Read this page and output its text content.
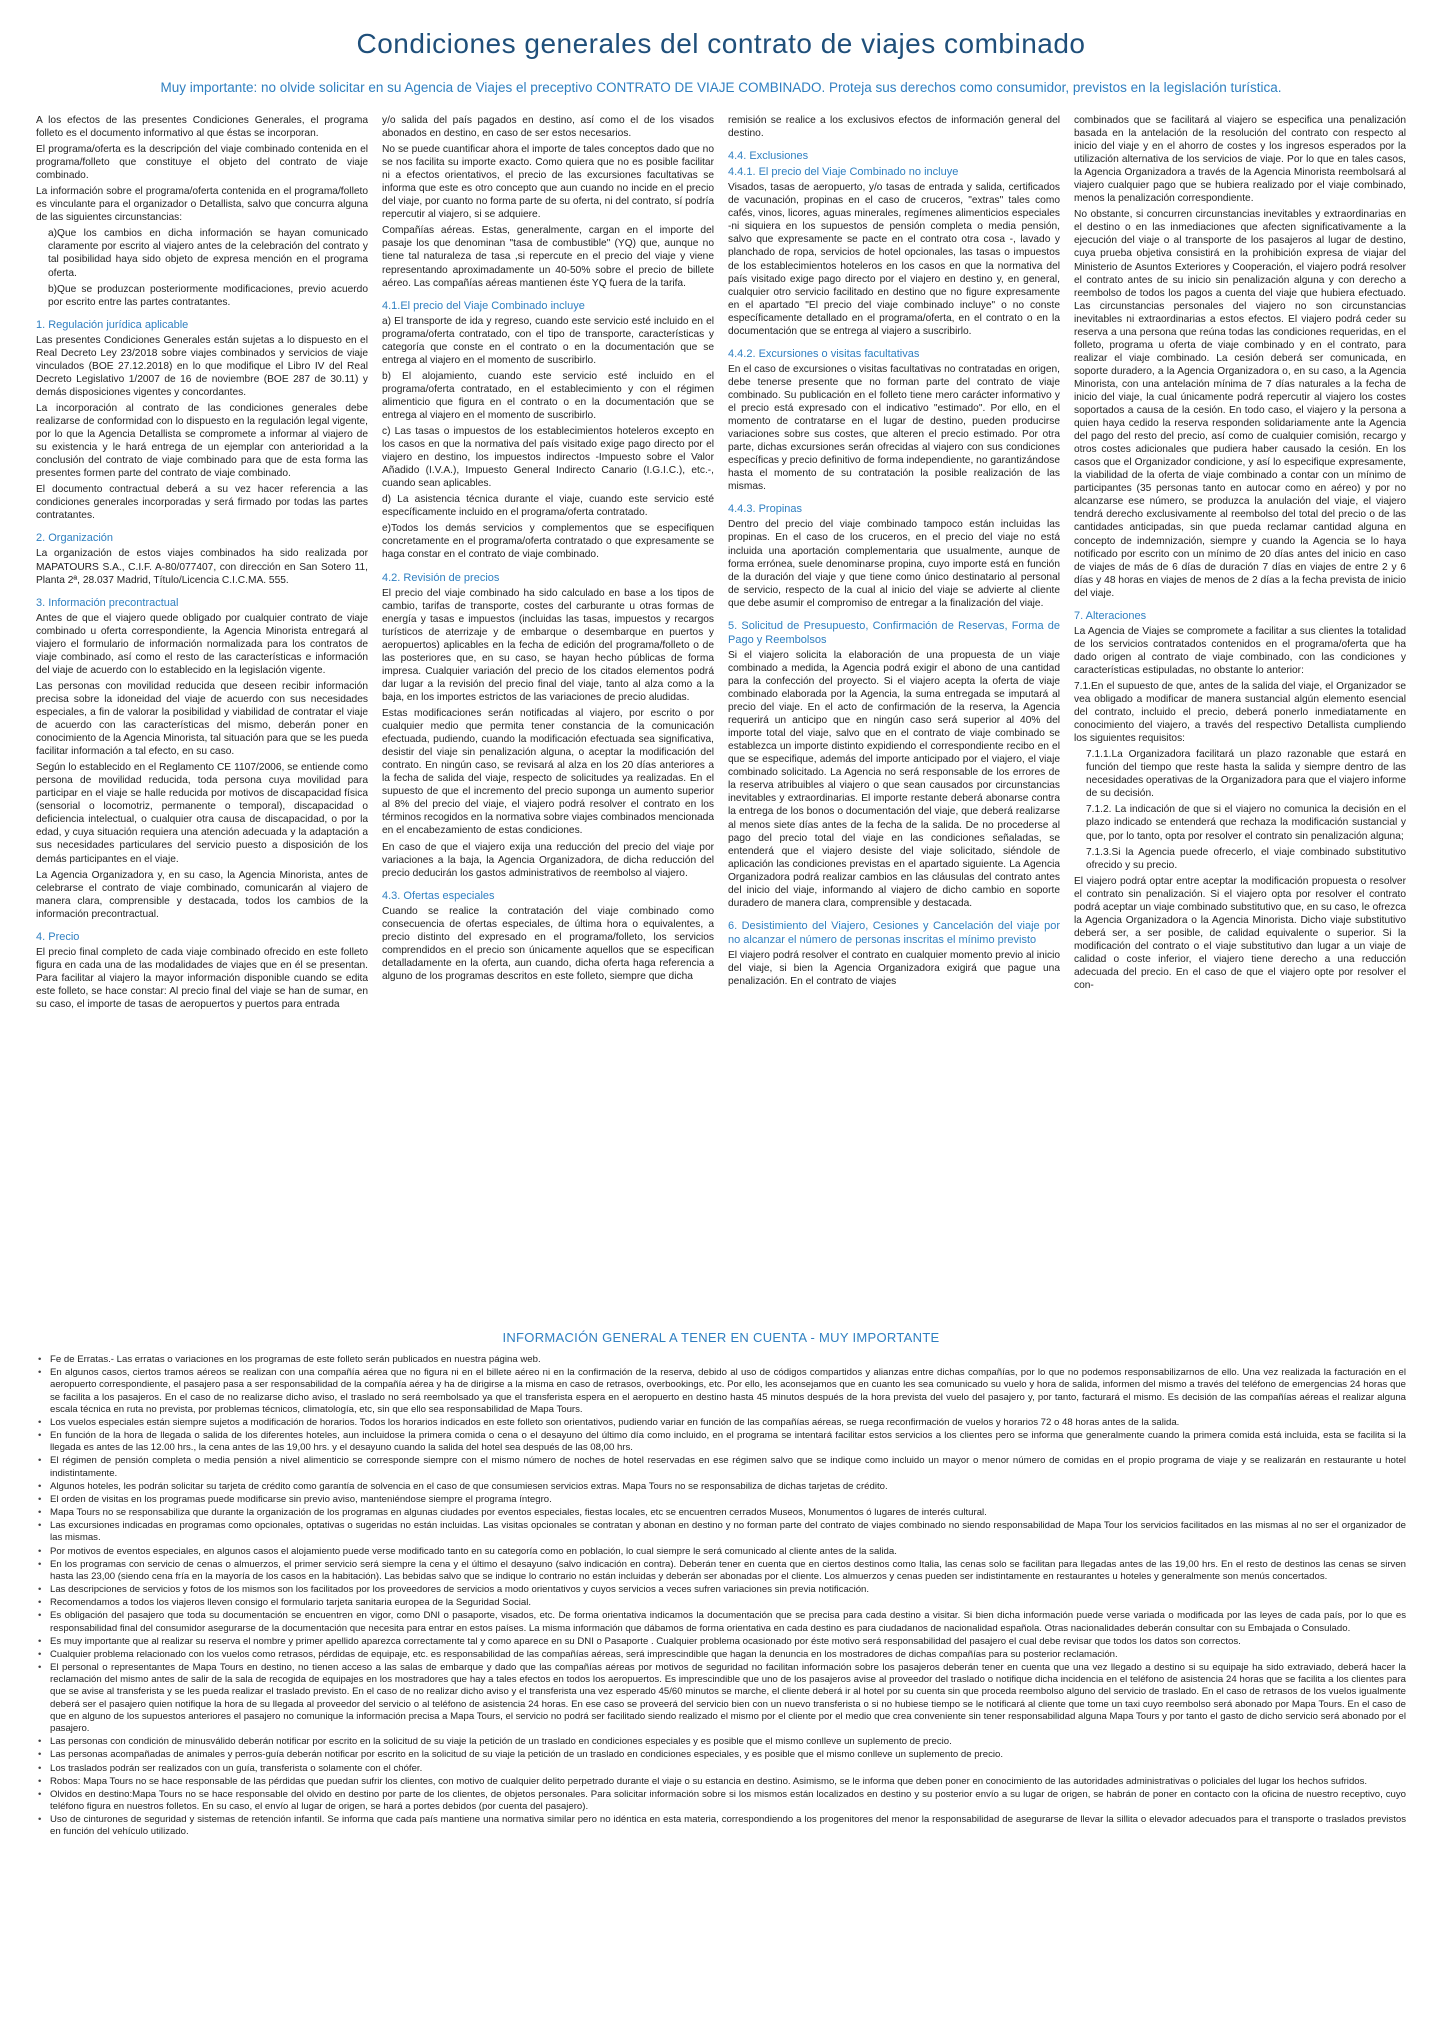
Condiciones generales del contrato de viajes combinado
Muy importante: no olvide solicitar en su Agencia de Viajes el preceptivo CONTRATO DE VIAJE COMBINADO. Proteja sus derechos como consumidor, previstos en la legislación turística.

A los efectos de las presentes Condiciones Generales, el programa folleto es el documento informativo al que éstas se incorporan.

El programa/oferta es la descripción del viaje combinado contenida en el programa/folleto que constituye el objeto del contrato de viaje combinado.

La información sobre el programa/oferta contenida en el programa/folleto es vinculante para el organizador o Detallista, salvo que concurra alguna de las siguientes circunstancias:

a)Que los cambios en dicha información se hayan comunicado claramente por escrito al viajero antes de la celebración del contrato y tal posibilidad haya sido objeto de expresa mención en el programa oferta.

b)Que se produzcan posteriormente modificaciones, previo acuerdo por escrito entre las partes contratantes.

1. Regulación jurídica aplicable

Las presentes Condiciones Generales están sujetas a lo dispuesto en el Real Decreto Ley 23/2018 sobre viajes combinados y servicios de viaje vinculados (BOE 27.12.2018) en lo que modifique el Libro IV del Real Decreto Legislativo 1/2007 de 16 de noviembre (BOE 287 de 30.11) y demás disposiciones vigentes y concordantes.

La incorporación al contrato de las condiciones generales debe realizarse de conformidad con lo dispuesto en la regulación legal vigente, por lo que la Agencia Detallista se compromete a informar al viajero de su existencia y le hará entrega de un ejemplar con anterioridad a la conclusión del contrato de viaje combinado para que de esta forma las presentes formen parte del contrato de viaje combinado.

El documento contractual deberá a su vez hacer referencia a las condiciones generales incorporadas y será firmado por todas las partes contratantes.

2. Organización

La organización de estos viajes combinados ha sido realizada por MAPATOURS S.A., C.I.F. A-80/077407, con dirección en San Sotero 11, Planta 2ª, 28.037 Madrid, Título/Licencia C.I.C.MA. 555.

3. Información precontractual

Antes de que el viajero quede obligado por cualquier contrato de viaje combinado u oferta correspondiente, la Agencia Minorista entregará al viajero el formulario de información normalizada para los contratos de viaje combinado, así como el resto de las características e información del viaje de acuerdo con lo establecido en la legislación vigente.

Las personas con movilidad reducida que deseen recibir información precisa sobre la idoneidad del viaje de acuerdo con sus necesidades especiales, a fin de valorar la posibilidad y viabilidad de contratar el viaje de acuerdo con las características del mismo, deberán poner en conocimiento de la Agencia Minorista, tal situación para que se les pueda facilitar información a tal efecto, en su caso.

Según lo establecido en el Reglamento CE 1107/2006, se entiende como persona de movilidad reducida, toda persona cuya movilidad para participar en el viaje se halle reducida por motivos de discapacidad física (sensorial o locomotriz, permanente o temporal), discapacidad o deficiencia intelectual, o cualquier otra causa de discapacidad, o por la edad, y cuya situación requiera una atención adecuada y la adaptación a sus necesidades particulares del servicio puesto a disposición de los demás participantes en el viaje.

La Agencia Organizadora y, en su caso, la Agencia Minorista, antes de celebrarse el contrato de viaje combinado, comunicarán al viajero de manera clara, comprensible y destacada, todos los cambios de la información precontractual.

4. Precio

El precio final completo de cada viaje combinado ofrecido en este folleto figura en cada una de las modalidades de viajes que en él se presentan. Para facilitar al viajero la mayor información disponible cuando se edita este folleto, se hace constar: Al precio final del viaje se han de sumar, en su caso, el importe de tasas de aeropuertos y puertos para entrada

y/o salida del país pagados en destino, así como el de los visados abonados en destino, en caso de ser estos necesarios.

No se puede cuantificar ahora el importe de tales conceptos dado que no se nos facilita su importe exacto. Como quiera que no es posible facilitar ni a efectos orientativos, el precio de las excursiones facultativas se informa que este es otro concepto que aun cuando no incide en el precio del viaje, por cuanto no forma parte de su oferta, ni del contrato, sí podría repercutir al viajero, si se adquiere.

Compañías aéreas. Estas, generalmente, cargan en el importe del pasaje los que denominan "tasa de combustible" (YQ) que, aunque no tiene tal naturaleza de tasa ,si repercute en el precio del viaje y viene representando aproximadamente un 40-50% sobre el precio de billete aéreo. Las compañías aéreas mantienen éste YQ fuera de la tarifa.

4.1.El precio del Viaje Combinado incluye

a) El transporte de ida y regreso, cuando este servicio esté incluido en el programa/oferta contratado, con el tipo de transporte, características y categoría que conste en el contrato o en la documentación que se entrega al viajero en el momento de suscribirlo.

b) El alojamiento, cuando este servicio esté incluido en el programa/oferta contratado, en el establecimiento y con el régimen alimenticio que figura en el contrato o en la documentación que se entrega al viajero en el momento de suscribirlo.

c) Las tasas o impuestos de los establecimientos hoteleros excepto en los casos en que la normativa del país visitado exige pago directo por el viajero en destino, los impuestos indirectos -Impuesto sobre el Valor Añadido (I.V.A.), Impuesto General Indirecto Canario (I.G.I.C.), etc.-, cuando sean aplicables.

d) La asistencia técnica durante el viaje, cuando este servicio esté específicamente incluido en el programa/oferta contratado.

e)Todos los demás servicios y complementos que se especifiquen concretamente en el programa/oferta contratado o que expresamente se haga constar en el contrato de viaje combinado.

4.2. Revisión de precios

El precio del viaje combinado ha sido calculado en base a los tipos de cambio, tarifas de transporte, costes del carburante u otras formas de energía y tasas e impuestos (incluidas las tasas, impuestos y recargos turísticos de aterrizaje y de embarque o desembarque en puertos y aeropuertos) aplicables en la fecha de edición del programa/folleto o de las posteriores que, en su caso, se hayan hecho públicas de forma impresa. Cualquier variación del precio de los citados elementos podrá dar lugar a la revisión del precio final del viaje, tanto al alza como a la baja, en los importes estrictos de las variaciones de precio aludidas.

Estas modificaciones serán notificadas al viajero, por escrito o por cualquier medio que permita tener constancia de la comunicación efectuada, pudiendo, cuando la modificación efectuada sea significativa, desistir del viaje sin penalización alguna, o aceptar la modificación del contrato. En ningún caso, se revisará al alza en los 20 días anteriores a la fecha de salida del viaje, respecto de solicitudes ya realizadas. En el supuesto de que el incremento del precio suponga un aumento superior al 8% del precio del viaje, el viajero podrá resolver el contrato en los términos recogidos en la normativa sobre viajes combinados mencionada en el encabezamiento de estas condiciones.

En caso de que el viajero exija una reducción del precio del viaje por variaciones a la baja, la Agencia Organizadora, de dicha reducción del precio deducirán los gastos administrativos de reembolso al viajero.

4.3. Ofertas especiales

Cuando se realice la contratación del viaje combinado como consecuencia de ofertas especiales, de última hora o equivalentes, a precio distinto del expresado en el programa/folleto, los servicios comprendidos en el precio son únicamente aquellos que se especifican detalladamente en la oferta, aun cuando, dicha oferta haga referencia a alguno de los programas descritos en este folleto, siempre que dicha

remisión se realice a los exclusivos efectos de información general del destino.

4.4. Exclusiones
4.4.1. El precio del Viaje Combinado no incluye

Visados, tasas de aeropuerto, y/o tasas de entrada y salida, certificados de vacunación, propinas en el caso de cruceros, "extras" tales como cafés, vinos, licores, aguas minerales, regímenes alimenticios especiales -ni siquiera en los supuestos de pensión completa o media pensión, salvo que expresamente se pacte en el contrato otra cosa -, lavado y planchado de ropa, servicios de hotel opcionales, las tasas o impuestos de los establecimientos hoteleros en los casos en que la normativa del país visitado exige pago directo por el viajero en destino y, en general, cualquier otro servicio facilitado en destino que no figure expresamente en el apartado "El precio del viaje combinado incluye" o no conste específicamente detallado en el programa/oferta, en el contrato o en la documentación que se entrega al viajero a suscribirlo.

4.4.2. Excursiones o visitas facultativas

En el caso de excursiones o visitas facultativas no contratadas en origen, debe tenerse presente que no forman parte del contrato de viaje combinado. Su publicación en el folleto tiene mero carácter informativo y el precio está expresado con el indicativo "estimado". Por ello, en el momento de contratarse en el lugar de destino, pueden producirse variaciones sobre sus costes, que alteren el precio estimado. Por otra parte, dichas excursiones serán ofrecidas al viajero con sus condiciones específicas y precio definitivo de forma independiente, no garantizándose hasta el momento de su contratación la posible realización de las mismas.

4.4.3. Propinas

Dentro del precio del viaje combinado tampoco están incluidas las propinas. En el caso de los cruceros, en el precio del viaje no está incluida una aportación complementaria que usualmente, aunque de forma errónea, suele denominarse propina, cuyo importe está en función de la duración del viaje y que tiene como único destinatario al personal de servicio, respecto de la cual al inicio del viaje se advierte al cliente que debe asumir el compromiso de entregar a la finalización del viaje.

5. Solicitud de Presupuesto, Confirmación de Reservas, Forma de Pago y Reembolsos

Si el viajero solicita la elaboración de una propuesta de un viaje combinado a medida, la Agencia podrá exigir el abono de una cantidad para la confección del proyecto. Si el viajero acepta la oferta de viaje combinado elaborada por la Agencia, la suma entregada se imputará al precio del viaje. En el acto de confirmación de la reserva, la Agencia requerirá un anticipo que en ningún caso será superior al 40% del importe total del viaje, salvo que en el contrato de viaje combinado se establezca un importe distinto expidiendo el correspondiente recibo en el que se especifique, además del importe anticipado por el viajero, el viaje combinado solicitado. La Agencia no será responsable de los errores de la reserva atribuibles al viajero o que sean causados por circunstancias inevitables y extraordinarias. El importe restante deberá abonarse contra la entrega de los bonos o documentación del viaje, que deberá realizarse al menos siete días antes de la fecha de la salida. De no procederse al pago del precio total del viaje en las condiciones señaladas, se entenderá que el viajero desiste del viaje solicitado, siéndole de aplicación las condiciones previstas en el apartado siguiente. La Agencia Organizadora podrá realizar cambios en las cláusulas del contrato antes del inicio del viaje, informando al viajero de dicho cambio en soporte duradero de manera clara, comprensible y destacada.

6. Desistimiento del Viajero, Cesiones y Cancelación del viaje por no alcanzar el número de personas inscritas el mínimo previsto

El viajero podrá resolver el contrato en cualquier momento previo al inicio del viaje, si bien la Agencia Organizadora exigirá que pague una penalización. En el contrato de viajes

combinados que se facilitará al viajero se especifica una penalización basada en la antelación de la resolución del contrato con respecto al inicio del viaje y en el ahorro de costes y los ingresos esperados por la utilización alternativa de los servicios de viaje. Por lo que en tales casos, la Agencia Organizadora a través de la Agencia Minorista reembolsará al viajero cualquier pago que se hubiera realizado por el viaje combinado, menos la penalización correspondiente.

No obstante, si concurren circunstancias inevitables y extraordinarias en el destino o en las inmediaciones que afecten significativamente a la ejecución del viaje o al transporte de los pasajeros al lugar de destino, cuya prueba objetiva consistirá en la prohibición expresa de viajar del Ministerio de Asuntos Exteriores y Cooperación, el viajero podrá resolver el contrato antes de su inicio sin penalización alguna y con derecho a reembolso de todos los pagos a cuenta del viaje que hubiera efectuado. Las circunstancias personales del viajero no son circunstancias inevitables ni extraordinarias a estos efectos. El viajero podrá ceder su reserva a una persona que reúna todas las condiciones requeridas, en el folleto, programa u oferta de viaje combinado y en el contrato, para realizar el viaje combinado. La cesión deberá ser comunicada, en soporte duradero, a la Agencia Organizadora o, en su caso, a la Agencia Minorista, con una antelación mínima de 7 días naturales a la fecha de inicio del viaje, la cual únicamente podrá repercutir al viajero los costes soportados a causa de la cesión. En todo caso, el viajero y la persona a quien haya cedido la reserva responden solidariamente ante la Agencia del pago del resto del precio, así como de cualquier comisión, recargo y otros costes adicionales que pudiera haber causado la cesión. En los casos que el Organizador condicione, y así lo especifique expresamente, la viabilidad de la oferta de viaje combinado a contar con un mínimo de participantes (35 personas tanto en autocar como en aéreo) y por no alcanzarse ese número, se produzca la anulación del viaje, el viajero tendrá derecho exclusivamente al reembolso del total del precio o de las cantidades anticipadas, sin que pueda reclamar cantidad alguna en concepto de indemnización, siempre y cuando la Agencia se lo haya notificado por escrito con un mínimo de 20 días antes del inicio en caso de viajes de más de 6 días de duración 7 días en viajes de entre 2 y 6 días y 48 horas en viajes de menos de 2 días a la fecha prevista de inicio del viaje.

7. Alteraciones

La Agencia de Viajes se compromete a facilitar a sus clientes la totalidad de los servicios contratados contenidos en el programa/oferta que ha dado origen al contrato de viaje combinado, con las condiciones y características estipuladas, no obstante lo anterior:

7.1.En el supuesto de que, antes de la salida del viaje, el Organizador se vea obligado a modificar de manera sustancial algún elemento esencial del contrato, incluido el precio, deberá ponerlo inmediatamente en conocimiento del viajero, a través del respectivo Detallista cumpliendo los siguientes requisitos:

7.1.1.La Organizadora facilitará un plazo razonable que estará en función del tiempo que reste hasta la salida y siempre dentro de las necesidades operativas de la Organizadora para que el viajero informe de su decisión.

7.1.2. La indicación de que si el viajero no comunica la decisión en el plazo indicado se entenderá que rechaza la modificación sustancial y que, por lo tanto, opta por resolver el contrato sin penalización alguna;

7.1.3.Si la Agencia puede ofrecerlo, el viaje combinado substitutivo ofrecido y su precio.

El viajero podrá optar entre aceptar la modificación propuesta o resolver el contrato sin penalización. Si el viajero opta por resolver el contrato podrá aceptar un viaje combinado substitutivo que, en su caso, le ofrezca la Agencia Organizadora o la Agencia Minorista. Dicho viaje substitutivo deberá ser, a ser posible, de calidad equivalente o superior. Si la modificación del contrato o el viaje substitutivo dan lugar a un viaje de calidad o coste inferior, el viajero tiene derecho a una reducción adecuada del precio. En el caso de que el viajero opte por resolver el con-

INFORMACIÓN GENERAL A TENER EN CUENTA - MUY IMPORTANTE
• Fe de Erratas.- Las erratas o variaciones en los programas de este folleto serán publicados en nuestra página web.
• En algunos casos, ciertos tramos aéreos se realizan con una compañía aérea que no figura ni en el billete aéreo ni en la confirmación de la reserva, debido al uso de códigos compartidos y alianzas entre dichas compañías, por lo que no podemos responsabilizarnos de ello. Una vez realizada la facturación en el aeropuerto correspondiente, el pasajero pasa a ser responsabilidad de la compañía aérea y ha de dirigirse a la misma en caso de retrasos, overbookings, etc. Por ello, les aconsejamos que en cuanto les sea comunicado su vuelo y hora de salida, informen del mismo a través del teléfono de emergencias 24 horas que se facilita a los pasajeros. En el caso de no realizarse dicho aviso, el traslado no será reembolsado ya que el transferista espera en el aeropuerto en destino hasta 45 minutos después de la hora prevista del vuelo del pasajero y, por tanto, facturará el mismo. Es decisión de las compañías aéreas el realizar alguna escala técnica en ruta no prevista, por problemas técnicos, climatología, etc, sin que ello sea responsabilidad de Mapa Tours.
• Los vuelos especiales están siempre sujetos a modificación de horarios. Todos los horarios indicados en este folleto son orientativos, pudiendo variar en función de las compañías aéreas, se ruega reconfirmación de vuelos y horarios 72 o 48 horas antes de la salida.
• En función de la hora de llegada o salida de los diferentes hoteles, aun incluidose la primera comida o cena o el desayuno del último día como incluido, en el programa se intentará facilitar estos servicios a los clientes pero se informa que generalmente cuando la primera comida está incluida, esta se facilita si la llegada es antes de las 12.00 hrs., la cena antes de las 19,00 hrs. y el desayuno cuando la salida del hotel sea después de las 08,00 hrs.
• El régimen de pensión completa o media pensión a nivel alimenticio se corresponde siempre con el mismo número de noches de hotel reservadas en ese régimen salvo que se indique como incluido un mayor o menor número de comidas en el propio programa de viaje y se realizarán en restaurante u hotel indistintamente.
• Algunos hoteles, les podrán solicitar su tarjeta de crédito como garantía de solvencia en el caso de que consumiesen servicios extras. Mapa Tours no se responsabiliza de dichas tarjetas de crédito.
• El orden de visitas en los programas puede modificarse sin previo aviso, manteniéndose siempre el programa íntegro.
• Mapa Tours no se responsabiliza que durante la organización de los programas en algunas ciudades por eventos especiales, fiestas locales, etc se encuentren cerrados Museos, Monumentos ó lugares de interés cultural.
• Las excursiones indicadas en programas como opcionales, optativas o sugeridas no están incluidas. Las visitas opcionales se contratan y abonan en destino y no forman parte del contrato de viajes combinado no siendo responsabilidad de Mapa Tour los servicios facilitados en las mismas al no ser el organizador de las mismas.
• Por motivos de eventos especiales, en algunos casos el alojamiento puede verse modificado tanto en su categoría como en población, lo cual siempre le será comunicado al cliente antes de la salida.
• En los programas con servicio de cenas o almuerzos, el primer servicio será siempre la cena y el último el desayuno (salvo indicación en contra). Deberán tener en cuenta que en ciertos destinos como Italia, las cenas solo se facilitan para llegadas antes de las 19,00 hrs. En el resto de destinos las cenas se sirven hasta las 23,00 (siendo cena fría en la mayoría de los casos en la habitación). Las bebidas salvo que se indique lo contrario no están incluidas y deberán ser abonadas por el cliente. Los almuerzos y cenas pueden ser indistintamente en restaurantes u hoteles y generalmente son menús concertados.
• Las descripciones de servicios y fotos de los mismos son los facilitados por los proveedores de servicios a modo orientativos y cuyos servicios a veces sufren variaciones sin previa notificación.
• Recomendamos a todos los viajeros lleven consigo el formulario tarjeta sanitaria europea de la Seguridad Social.
• Es obligación del pasajero que toda su documentación se encuentren en vigor, como DNI o pasaporte, visados, etc. De forma orientativa indicamos la documentación que se precisa para cada destino a visitar. Si bien dicha información puede verse variada o modificada por las leyes de cada país, por lo que es responsabilidad final del consumidor asegurarse de la documentación que necesita para entrar en estos países. La misma información que dábamos de forma orientativa en cada destino es para ciudadanos de nacionalidad española. Otras nacionalidades deberán consultar con su Embajada o Consulado.
• Es muy importante que al realizar su reserva el nombre y primer apellido aparezca correctamente tal y como aparece en su DNI o Pasaporte . Cualquier problema ocasionado por éste motivo será responsabilidad del pasajero el cual debe revisar que todos los datos son correctos.
• Cualquier problema relacionado con los vuelos como retrasos, pérdidas de equipaje, etc. es responsabilidad de las compañías aéreas, será imprescindible que hagan la denuncia en los mostradores de dichas compañías para su posterior reclamación.
• El personal o representantes de Mapa Tours en destino, no tienen acceso a las salas de embarque y dado que las compañías aéreas por motivos de seguridad no facilitan información sobre los pasajeros deberán tener en cuenta que una vez llegado a destino si su equipaje ha sido extraviado, deberá hacer la reclamación del mismo antes de salir de la sala de recogida de equipajes en los mostradores que hay a tales efectos en todos los aeropuertos. Es imprescindible que uno de los pasajeros avise al proveedor del traslado o notifique dicha incidencia en el teléfono de asistencia 24 horas que se facilita a los clientes para que se avise al transferista y se les pueda realizar el traslado previsto. En el caso de no realizar dicho aviso y el transferista una vez esperado 45/60 minutos se marche, el cliente deberá ir al hotel por su cuenta sin que proceda reembolso alguno del servicio de traslado. En el caso de retrasos de los vuelos igualmente deberá ser el pasajero quien notifique la hora de su llegada al proveedor del servicio o al teléfono de asistencia 24 horas. En ese caso se proveerá del servicio bien con un nuevo transferista o si no hubiese tiempo se le notificará al cliente que tome un taxi cuyo reembolso será abonado por Mapa Tours. En el caso de que en alguno de los supuestos anteriores el pasajero no comunique la información precisa a Mapa Tours, el servicio no podrá ser facilitado siendo realizado el mismo por el cliente por el medio que crea conveniente sin tener responsabilidad alguna Mapa Tours y por tanto el gasto de dicho servicio será abonado por el pasajero.
• Las personas con condición de minusválido deberán notificar por escrito en la solicitud de su viaje la petición de un traslado en condiciones especiales y es posible que el mismo conlleve un suplemento de precio.
• Las personas acompañadas de animales y perros-guía deberán notificar por escrito en la solicitud de su viaje la petición de un traslado en condiciones especiales, y es posible que el mismo conlleve un suplemento de precio.
• Los traslados podrán ser realizados con un guía, transferista o solamente con el chófer.
• Robos: Mapa Tours no se hace responsable de las pérdidas que puedan sufrir los clientes, con motivo de cualquier delito perpetrado durante el viaje o su estancia en destino. Asimismo, se le informa que deben poner en conocimiento de las autoridades administrativas o policiales del lugar los hechos sufridos.
• Olvidos en destino:Mapa Tours no se hace responsable del olvido en destino por parte de los clientes, de objetos personales. Para solicitar información sobre si los mismos están localizados en destino y su posterior envío a su lugar de origen, se habrán de poner en contacto con la oficina de nuestro receptivo, cuyo teléfono figura en nuestros folletos. En su caso, el envío al lugar de origen, se hará a portes debidos (por cuenta del pasajero).
• Uso de cinturones de seguridad y sistemas de retención infantil. Se informa que cada país mantiene una normativa similar pero no idéntica en esta materia, correspondiendo a los progenitores del menor la responsabilidad de asegurarse de llevar la sillita o elevador adecuados para el transporte o traslados previstos en función del vehículo utilizado.
